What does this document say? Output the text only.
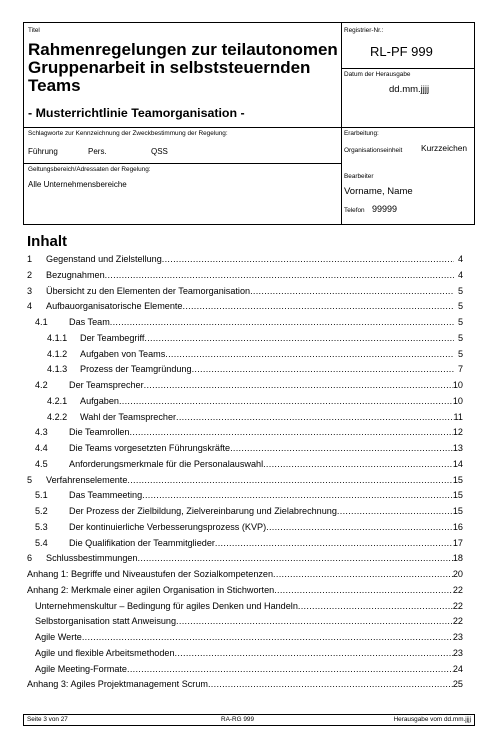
Titel
Rahmenregelungen zur teilautonomen Gruppenarbeit in selbststeuernden Teams
- Musterrichtlinie Teamorganisation -
Schlagworte zur Kennzeichnung der Zweckbestimmung der Regelung:
Führung	Pers.	QSS
Geltungsbereich/Adressaten der Regelung:
Alle Unternehmensbereiche
Registrier-Nr.:
RL-PF 999
Datum der Herausgabe
dd.mm.jjjj
Erarbeitung:
Organisationseinheit Kurzzeichen
Bearbeiter
Vorname, Name
Telefon 99999
Inhalt
1 Gegenstand und Zielstellung .....	4
2 Bezugnahmen .....	4
3 Übersicht zu den Elementen der Teamorganisation .....	5
4 Aufbauorganisatorische Elemente .....	5
4.1 Das Team .....	5
4.1.1 Der Teambegriff .....	5
4.1.2 Aufgaben von Teams .....	5
4.1.3 Prozess der Teamgründung .....	7
4.2 Der Teamsprecher .....	10
4.2.1 Aufgaben .....	10
4.2.2 Wahl der Teamsprecher .....	11
4.3 Die Teamrollen .....	12
4.4 Die Teams vorgesetzten Führungskräfte .....	13
4.5 Anforderungsmerkmale für die Personalauswahl .....	14
5 Verfahrenselemente .....	15
5.1 Das Teammeeting .....	15
5.2 Der Prozess der Zielbildung, Zielvereinbarung und Zielabrechnung .....	15
5.3 Der kontinuierliche Verbesserungsprozess (KVP) .....	16
5.4 Die Qualifikation der Teammitglieder .....	17
6 Schlussbestimmungen .....	18
Anhang 1: Begriffe und Niveaustufen der Sozialkompetenzen .....	20
Anhang 2: Merkmale einer agilen Organisation in Stichworten .....	22
Unternehmenskultur – Bedingung für agiles Denken und Handeln .....	22
Selbstorganisation statt Anweisung .....	22
Agile Werte .....	23
Agile und flexible Arbeitsmethoden .....	23
Agile Meeting-Formate .....	24
Anhang 3: Agiles Projektmanagement Scrum .....	25
Seite 3 von 27	RA-RG 999	Herausgabe vom dd.mm.jjjj
